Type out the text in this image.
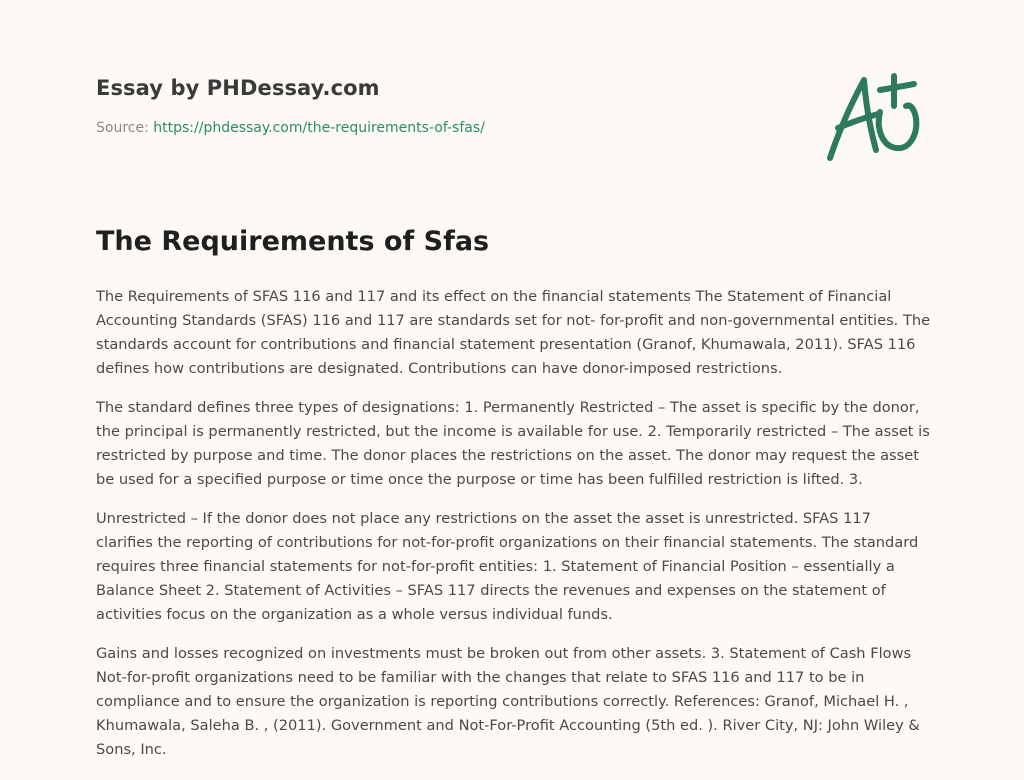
Essay by PHDessay.com
Source: https://phdessay.com/the-requirements-of-sfas/
The Requirements of Sfas

The Requirements of SFAS 116 and 117 and its effect on the financial statements The Statement of Financial Accounting Standards (SFAS) 116 and 117 are standards set for not- for-profit and non-governmental entities. The standards account for contributions and financial statement presentation (Granof, Khumawala, 2011). SFAS 116 defines how contributions are designated. Contributions can have donor-imposed restrictions.

The standard defines three types of designations: 1. Permanently Restricted – The asset is specific by the donor, the principal is permanently restricted, but the income is available for use. 2. Temporarily restricted – The asset is restricted by purpose and time. The donor places the restrictions on the asset. The donor may request the asset be used for a specified purpose or time once the purpose or time has been fulfilled restriction is lifted. 3.

Unrestricted – If the donor does not place any restrictions on the asset the asset is unrestricted. SFAS 117 clarifies the reporting of contributions for not-for-profit organizations on their financial statements. The standard requires three financial statements for not-for-profit entities: 1. Statement of Financial Position – essentially a Balance Sheet 2. Statement of Activities – SFAS 117 directs the revenues and expenses on the statement of activities focus on the organization as a whole versus individual funds.

Gains and losses recognized on investments must be broken out from other assets. 3. Statement of Cash Flows Not-for-profit organizations need to be familiar with the changes that relate to SFAS 116 and 117 to be in compliance and to ensure the organization is reporting contributions correctly. References: Granof, Michael H. , Khumawala, Saleha B. , (2011). Government and Not-For-Profit Accounting (5th ed. ). River City, NJ: John Wiley & Sons, Inc.
